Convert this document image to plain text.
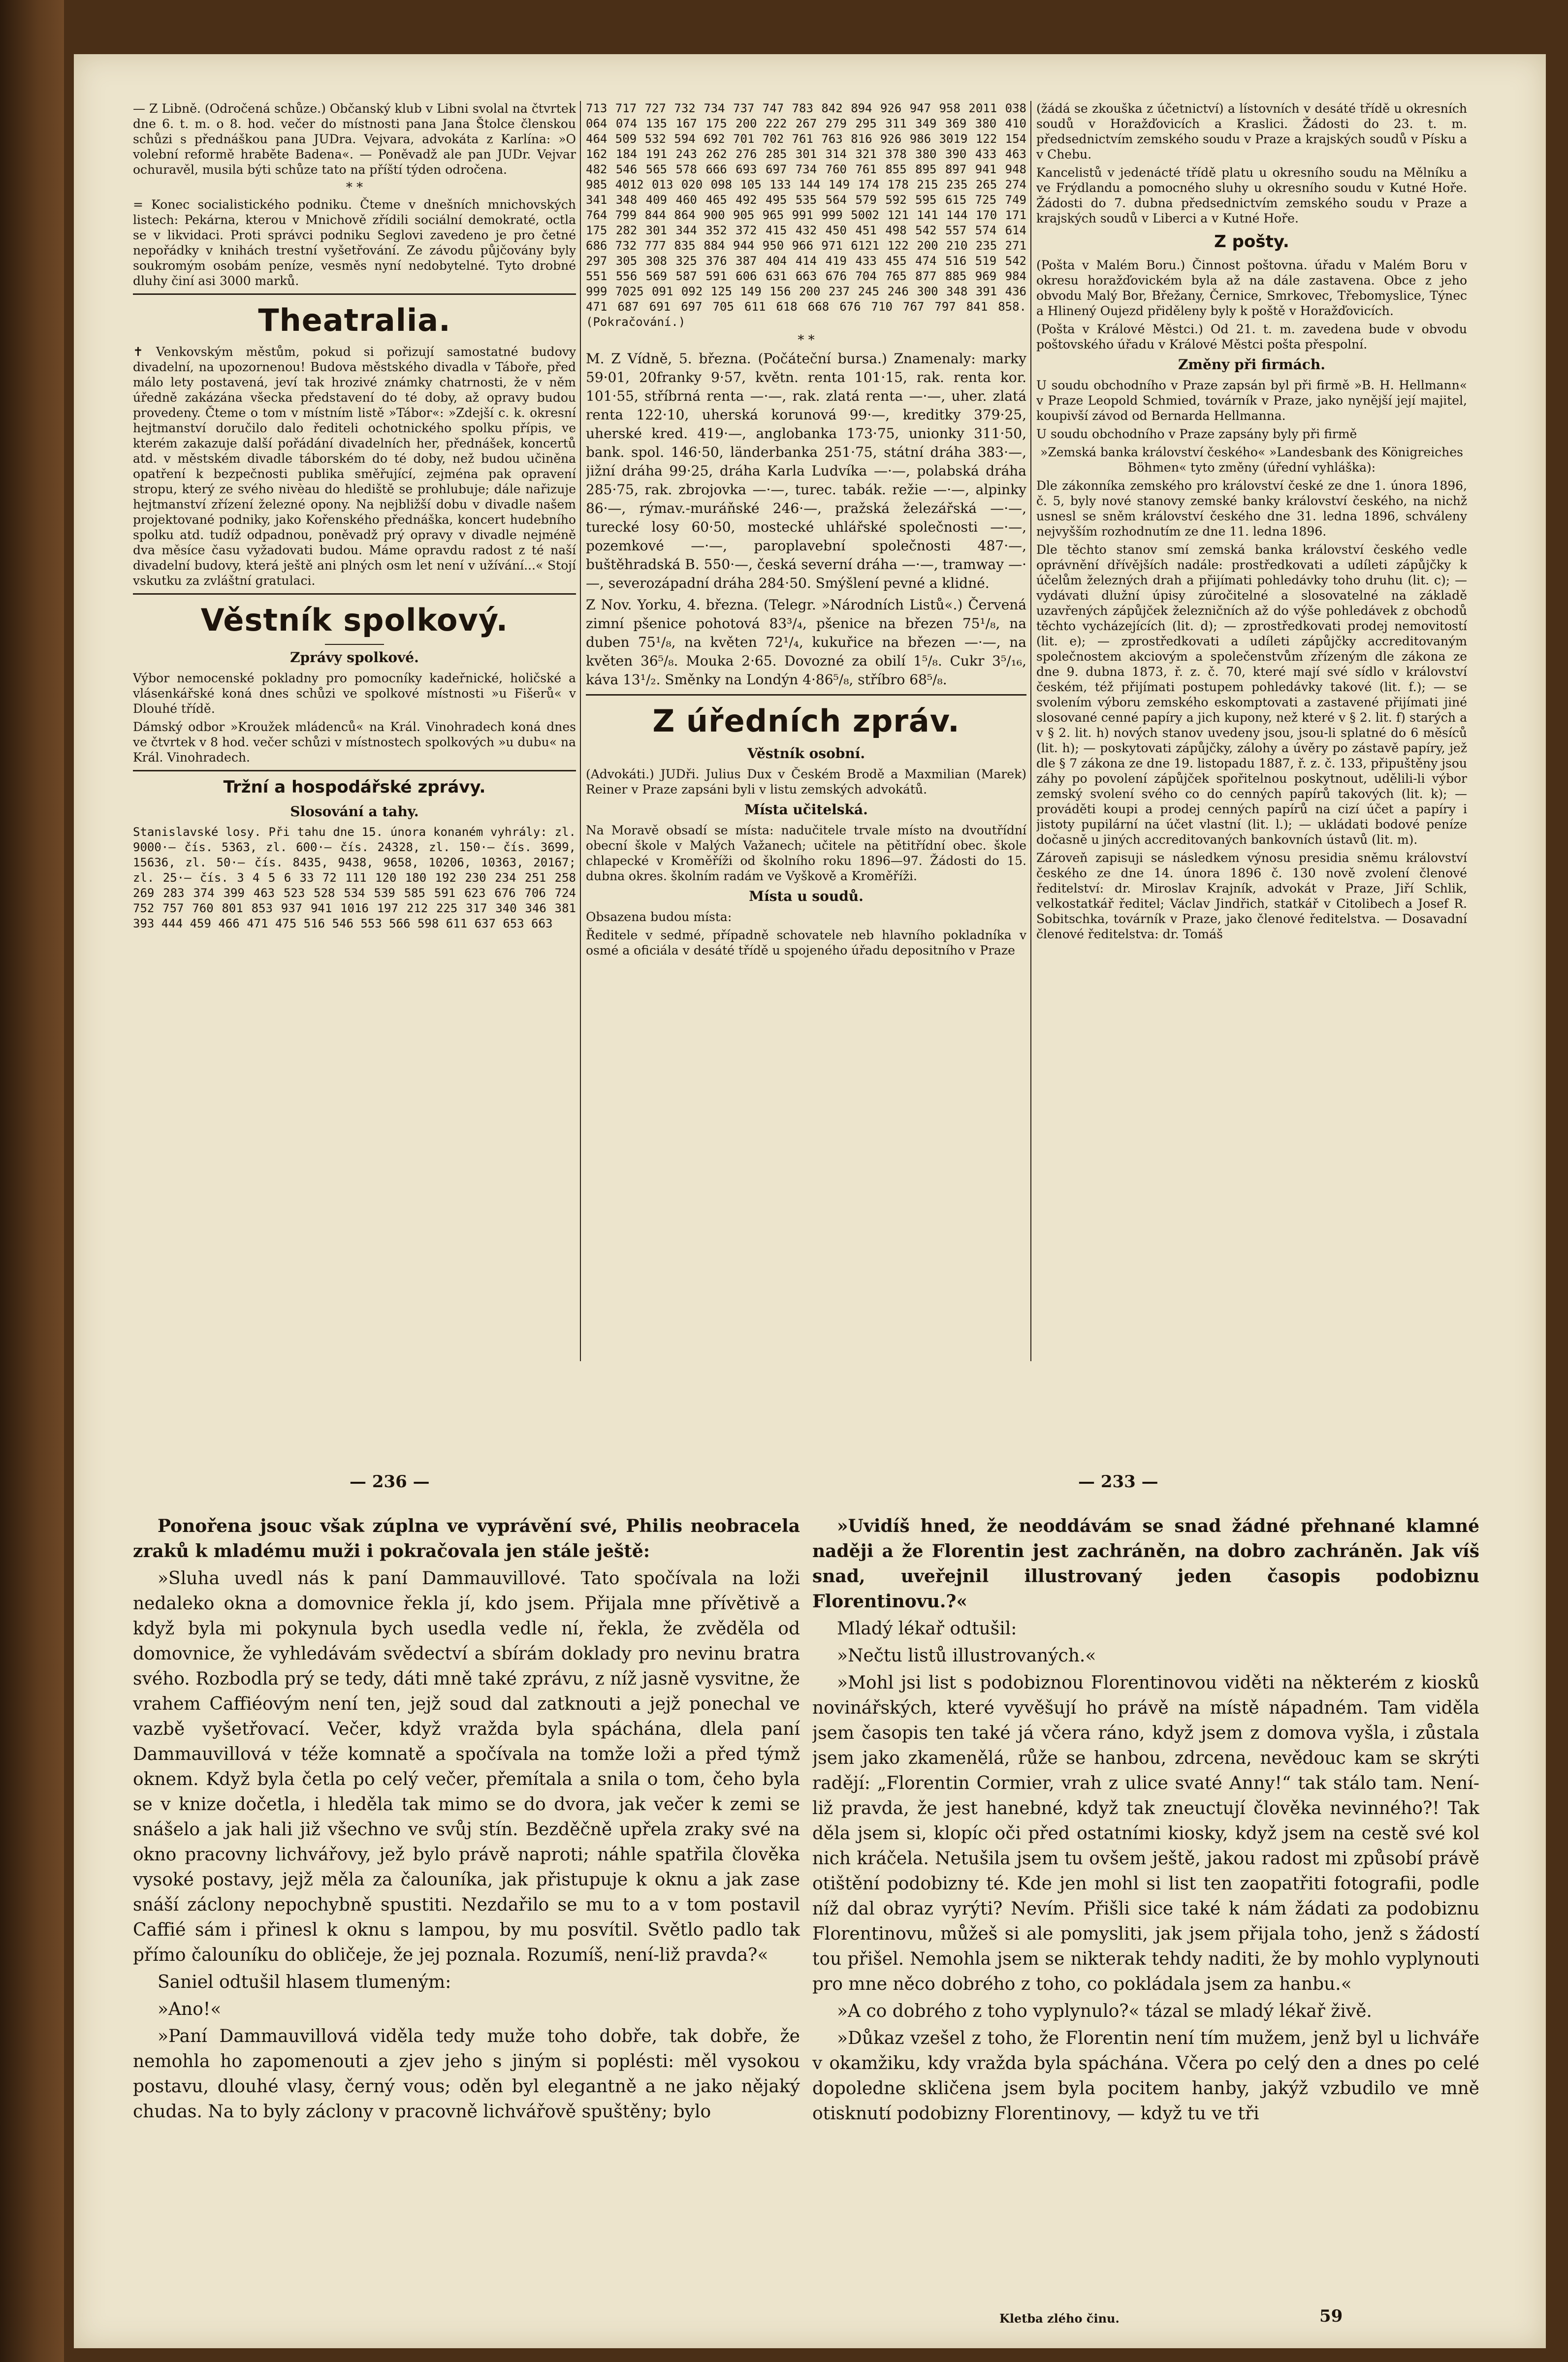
— Z Libně. (Odročená schůze.) Občanský klub v Libni svolal na čtvrtek dne 6. t. m. o 8. hod. večer do místnosti pana Jana Štolce členskou schůzi s přednáškou pana JUDra. Vejvara, advokáta z Karlína: »O volební reformě hraběte Badena«. — Poněvadž ale pan JUDr. Vejvar ochuravěl, musila býti schůze tato na příští týden odročena.

* *

= Konec socialistického podniku. Čteme v dnešních mnichovských listech: Pekárna, kterou v Mnichově zřídili sociální demokraté, octla se v likvidaci. Proti správci podniku Seglovi zavedeno je pro četné nepořádky v knihách trestní vyšetřování. Ze závodu půjčovány byly soukromým osobám peníze, vesměs nyní nedobytelné. Tyto drobné dluhy činí asi 3000 marků.

Theatralia.

✝ Venkovským městům, pokud si pořizují samostatné budovy divadelní, na upozornenou! Budova městského divadla v Táboře, před málo lety postavená, jeví tak hrozivé známky chatrnosti, že v něm úředně zakázána všecka představení do té doby, až opravy budou provedeny. Čteme o tom v místním listě »Tábor«: »Zdejší c. k. okresní hejtmanství doručilo dalo řediteli ochotnického spolku přípis, ve kterém zakazuje další pořádání divadelních her, přednášek, koncertů atd. v městském divadle táborském do té doby, než budou učiněna opatření k bezpečnosti publika směřující, zejména pak opravení stropu, který ze svého nivèau do hlediště se prohlubuje; dále nařizuje hejtmanství zřízení železné opony. Na nejbližší dobu v divadle našem projektované podniky, jako Kořenského přednáška, koncert hudebního spolku atd. tudíž odpadnou, poněvadž prý opravy v divadle nejméně dva měsíce času vyžadovati budou. Máme opravdu radost z té naší divadelní budovy, která ještě ani plných osm let není v užívání...« Stojí vskutku za zvláštní gratulaci.

Věstník spolkový.
Zprávy spolkové.

Výbor nemocenské pokladny pro pomocníky kadeřnické, holičské a vlásenkářské koná dnes schůzi ve spolkové místnosti »u Fišerů« v Dlouhé třídě.

Dámský odbor »Kroužek mládenců« na Král. Vinohradech koná dnes ve čtvrtek v 8 hod. večer schůzi v místnostech spolkových »u dubu« na Král. Vinohradech.

Tržní a hospodářské zprávy.
Slosování a tahy.

Stanislavské losy. Při tahu dne 15. února konaném vyhrály: zl. 9000·— čís. 5363, zl. 600·— čís. 24328, zl. 150·— čís. 3699, 15636, zl. 50·— čís. 8435, 9438, 9658, 10206, 10363, 20167; zl. 25·— čís. 3 4 5 6 33 72 111 120 180 192 230 234 251 258 269 283 374 399 463 523 528 534 539 585 591 623 676 706 724 752 757 760 801 853 937 941 1016 197 212 225 317 340 346 381 393 444 459 466 471 475 516 546 553 566 598 611 637 653 663

713 717 727 732 734 737 747 783 842 894 926 947 958 2011 038 064 074 135 167 175 200 222 267 279 295 311 349 369 380 410 464 509 532 594 692 701 702 761 763 816 926 986 3019 122 154 162 184 191 243 262 276 285 301 314 321 378 380 390 433 463 482 546 565 578 666 693 697 734 760 761 855 895 897 941 948 985 4012 013 020 098 105 133 144 149 174 178 215 235 265 274 341 348 409 460 465 492 495 535 564 579 592 595 615 725 749 764 799 844 864 900 905 965 991 999 5002 121 141 144 170 171 175 282 301 344 352 372 415 432 450 451 498 542 557 574 614 686 732 777 835 884 944 950 966 971 6121 122 200 210 235 271 297 305 308 325 376 387 404 414 419 433 455 474 516 519 542 551 556 569 587 591 606 631 663 676 704 765 877 885 969 984 999 7025 091 092 125 149 156 200 237 245 246 300 348 391 436 471 687 691 697 705 611 618 668 676 710 767 797 841 858. (Pokračování.)

* *

M. Z Vídně, 5. března. (Počáteční bursa.) Znamenaly: marky 59·01, 20franky 9·57, květn. renta 101·15, rak. renta kor. 101·55, stříbrná renta —·—, rak. zlatá renta —·—, uher. zlatá renta 122·10, uherská korunová 99·—, kreditky 379·25, uherské kred. 419·—, anglobanka 173·75, unionky 311·50, bank. spol. 146·50, länderbanka 251·75, státní dráha 383·—, jižní dráha 99·25, dráha Karla Ludvíka —·—, polabská dráha 285·75, rak. zbrojovka —·—, turec. tabák. režie —·—, alpinky 86·—, rýmav.-muráňské 246·—, pražská železářská —·—, turecké losy 60·50, mostecké uhlářské společnosti —·—, pozemkové —·—, paroplavební společnosti 487·—, buštěhradská B. 550·—, česká severní dráha —·—, tramway —·—, severozápadní dráha 284·50. Smýšlení pevné a klidné.

Z Nov. Yorku, 4. března. (Telegr. »Národních Listů«.) Červená zimní pšenice pohotová 83³/₄, pšenice na březen 75¹/₈, na duben 75¹/₈, na květen 72¹/₄, kukuřice na březen —·—, na květen 36⁵/₈. Mouka 2·65. Dovozné za obilí 1⁵/₈. Cukr 3⁵/₁₆, káva 13¹/₂. Směnky na Londýn 4·86⁵/₈, stříbro 68⁵/₈.

Z úředních zpráv.
Věstník osobní.

(Advokáti.) JUDři. Julius Dux v Českém Brodě a Maxmilian (Marek) Reiner v Praze zapsáni byli v listu zemských advokátů.

Místa učitelská.

Na Moravě obsadí se místa: nadučitele trvale místo na dvoutřídní obecní škole v Malých Važanech; učitele na pětitřídní obec. škole chlapecké v Kroměříži od školního roku 1896—97. Žádosti do 15. dubna okres. školním radám ve Vyškově a Kroměříži.

Místa u soudů.

Obsazena budou místa:

Ředitele v sedmé, případně schovatele neb hlavního pokladníka v osmé a oficiála v desáté třídě u spojeného úřadu depositního v Praze

(žádá se zkouška z účetnictví) a lístovních v desáté třídě u okresních soudů v Horažďovicích a Kraslici. Žádosti do 23. t. m. předsednictvím zemského soudu v Praze a krajských soudů v Písku a v Chebu.

Kancelistů v jedenácté třídě platu u okresního soudu na Mělníku a ve Frýdlandu a pomocného sluhy u okresního soudu v Kutné Hoře. Žádosti do 7. dubna předsednictvím zemského soudu v Praze a krajských soudů v Liberci a v Kutné Hoře.

Z pošty.

(Pošta v Malém Boru.) Činnost poštovna. úřadu v Malém Boru v okresu horažďovickém byla až na dále zastavena. Obce z jeho obvodu Malý Bor, Břežany, Černice, Smrkovec, Třebomyslice, Týnec a Hlinený Oujezd přiděleny byly k poště v Horažďovicích.

(Pošta v Králové Městci.) Od 21. t. m. zavedena bude v obvodu poštovského úřadu v Králové Městci pošta přespolní.

Změny při firmách.

U soudu obchodního v Praze zapsán byl při firmě »B. H. Hellmann« v Praze Leopold Schmied, továrník v Praze, jako nynější její majitel, koupivší závod od Bernarda Hellmanna.

U soudu obchodního v Praze zapsány byly při firmě

»Zemská banka království českého« »Landesbank des Königreiches Böhmen« tyto změny (úřední vyhláška):

Dle zákonníka zemského pro království české ze dne 1. února 1896, č. 5, byly nové stanovy zemské banky království českého, na nichž usnesl se sněm království českého dne 31. ledna 1896, schváleny nejvyšším rozhodnutím ze dne 11. ledna 1896.

Dle těchto stanov smí zemská banka království českého vedle oprávnění dřívějších nadále: prostředkovati a udíleti zápůjčky k účelům železných drah a přijímati pohledávky toho druhu (lit. c); — vydávati dlužní úpisy zúročitelné a slosovatelné na základě uzavřených zápůjček železničních až do výše pohledávek z obchodů těchto vycházejících (lit. d); — zprostředkovati prodej nemovitostí (lit. e); — zprostředkovati a udíleti zápůjčky accreditovaným společnostem akciovým a společenstvům zřízeným dle zákona ze dne 9. dubna 1873, ř. z. č. 70, které mají své sídlo v království českém, též přijímati postupem pohledávky takové (lit. f.); — se svolením výboru zemského eskomptovati a zastavené přijímati jiné slosované cenné papíry a jich kupony, než které v § 2. lit. f) starých a v § 2. lit. h) nových stanov uvedeny jsou, jsou-li splatné do 6 měsíců (lit. h); — poskytovati zápůjčky, zálohy a úvěry po zástavě papíry, jež dle § 7 zákona ze dne 19. listopadu 1887, ř. z. č. 133, připuštěny jsou záhy po povolení zápůjček spořitelnou poskytnout, udělili-li výbor zemský svolení svého co do cenných papírů takových (lit. k); — prováděti koupi a prodej cenných papírů na cizí účet a papíry i jistoty pupilární na účet vlastní (lit. l.); — ukládati bodové peníze dočasně u jiných accreditovaných bankovních ústavů (lit. m).

Zároveň zapisuji se následkem výnosu presidia sněmu království českého ze dne 14. února 1896 č. 130 nově zvolení členové ředitelství: dr. Miroslav Krajník, advokát v Praze, Jiří Schlik, velkostatkář ředitel; Václav Jindřich, statkář v Citolibech a Josef R. Sobitschka, továrník v Praze, jako členové ředitelstva. — Dosavadní členové ředitelstva: dr. Tomáš

— 236 —	— 233 —

Ponořena jsouc však zúplna ve vyprávění své, Philis neobracela zraků k mladému muži i pokračovala jen stále ještě:

»Sluha uvedl nás k paní Dammauvillové. Tato spočívala na loži nedaleko okna a domovnice řekla jí, kdo jsem. Přijala mne přívětivě a když byla mi pokynula bych usedla vedle ní, řekla, že zvěděla od domovnice, že vyhledávám svědectví a sbírám doklady pro nevinu bratra svého. Rozbodla prý se tedy, dáti mně také zprávu, z níž jasně vysvitne, že vrahem Caffiéovým není ten, jejž soud dal zatknouti a jejž ponechal ve vazbě vyšetřovací. Večer, když vražda byla spáchána, dlela paní Dammauvillová v téže komnatě a spočívala na tomže loži a před týmž oknem. Když byla četla po celý večer, přemítala a snila o tom, čeho byla se v knize dočetla, i hleděla tak mimo se do dvora, jak večer k zemi se snášelo a jak hali již všechno ve svůj stín. Bezděčně upřela zraky své na okno pracovny lichvářovy, jež bylo právě naproti; náhle spatřila člověka vysoké postavy, jejž měla za čalouníka, jak přistupuje k oknu a jak zase snáší záclony nepochybně spustiti. Nezdařilo se mu to a v tom postavil Caffié sám i přinesl k oknu s lampou, by mu posvítil. Světlo padlo tak přímo čalouníku do obličeje, že jej poznala. Rozumíš, není-liž pravda?«

Saniel odtušil hlasem tlumeným:

»Ano!«

»Paní Dammauvillová viděla tedy muže toho dobře, tak dobře, že nemohla ho zapomenouti a zjev jeho s jiným si poplésti: měl vysokou postavu, dlouhé vlasy, černý vous; oděn byl elegantně a ne jako nějaký chudas. Na to byly záclony v pracovně lichvářově spuštěny; bylo

»Uvidíš hned, že neoddávám se snad žádné přehnané klamné naději a že Florentin jest zachráněn, na dobro zachráněn. Jak víš snad, uveřejnil illustrovaný jeden časopis podobiznu Florentinovu.?«

Mladý lékař odtušil:

»Nečtu listů illustrovaných.«

»Mohl jsi list s podobiznou Florentinovou viděti na některém z kiosků novinářských, které vyvěšují ho právě na místě nápadném. Tam viděla jsem časopis ten také já včera ráno, když jsem z domova vyšla, i zůstala jsem jako zkamenělá, růže se hanbou, zdrcena, nevědouc kam se skrýti radějí: „Florentin Cormier, vrah z ulice svaté Anny!“ tak stálo tam. Není-liž pravda, že jest hanebné, když tak zneuctují člověka nevinného?! Tak děla jsem si, klopíc oči před ostatními kiosky, když jsem na cestě své kol nich kráčela. Netušila jsem tu ovšem ještě, jakou radost mi způsobí právě otištění podobizny té. Kde jen mohl si list ten zaopatřiti fotografii, podle níž dal obraz vyrýti? Nevím. Přišli sice také k nám žádati za podobiznu Florentinovu, můžeš si ale pomysliti, jak jsem přijala toho, jenž s žádostí tou přišel. Nemohla jsem se nikterak tehdy naditi, že by mohlo vyplynouti pro mne něco dobrého z toho, co pokládala jsem za hanbu.«

»A co dobrého z toho vyplynulo?« tázal se mladý lékař živě.

»Důkaz vzešel z toho, že Florentin není tím mužem, jenž byl u lichváře v okamžiku, kdy vražda byla spáchána. Včera po celý den a dnes po celé dopoledne skličena jsem byla pocitem hanby, jakýž vzbudilo ve mně otisknutí podobizny Florentinovy, — když tu ve tři

Kletba zlého činu.	59
